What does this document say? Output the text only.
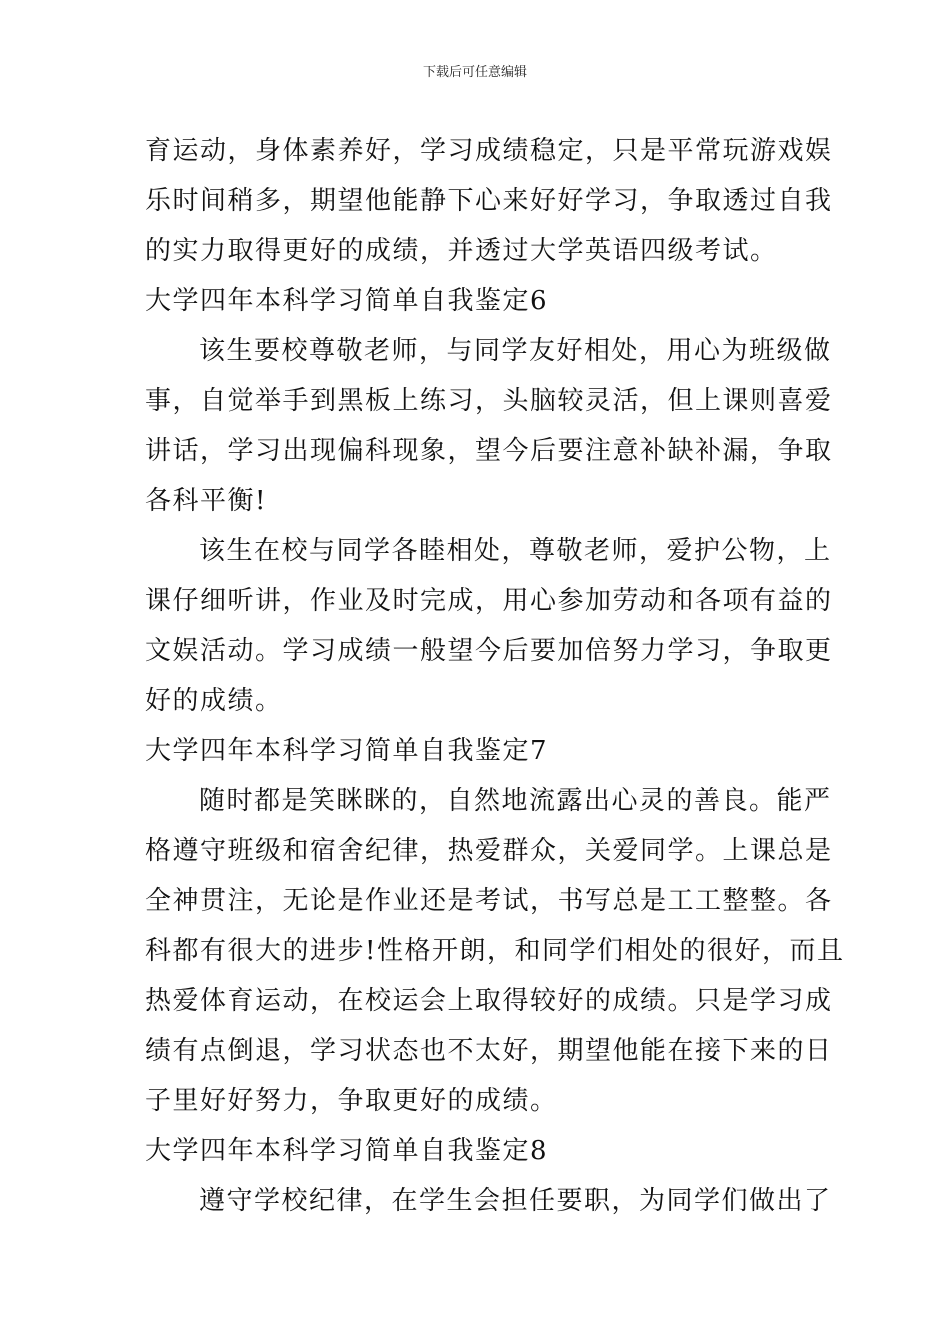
下载后可任意编辑

育运动，身体素养好，学习成绩稳定，只是平常玩游戏娱
乐时间稍多，期望他能静下心来好好学习，争取透过自我
的实力取得更好的成绩，并透过大学英语四级考试。

大学四年本科学习简单自我鉴定6

该生要校尊敬老师，与同学友好相处，用心为班级做
事，自觉举手到黑板上练习，头脑较灵活，但上课则喜爱
讲话，学习出现偏科现象，望今后要注意补缺补漏，争取
各科平衡!

该生在校与同学各睦相处，尊敬老师，爱护公物，上
课仔细听讲，作业及时完成，用心参加劳动和各项有益的
文娱活动。学习成绩一般望今后要加倍努力学习，争取更
好的成绩。

大学四年本科学习简单自我鉴定7

随时都是笑眯眯的，自然地流露出心灵的善良。能严
格遵守班级和宿舍纪律，热爱群众，关爱同学。上课总是
全神贯注，无论是作业还是考试，书写总是工工整整。各
科都有很大的进步!性格开朗，和同学们相处的很好，而且
热爱体育运动，在校运会上取得较好的成绩。只是学习成
绩有点倒退，学习状态也不太好，期望他能在接下来的日
子里好好努力，争取更好的成绩。

大学四年本科学习简单自我鉴定8

遵守学校纪律，在学生会担任要职，为同学们做出了
